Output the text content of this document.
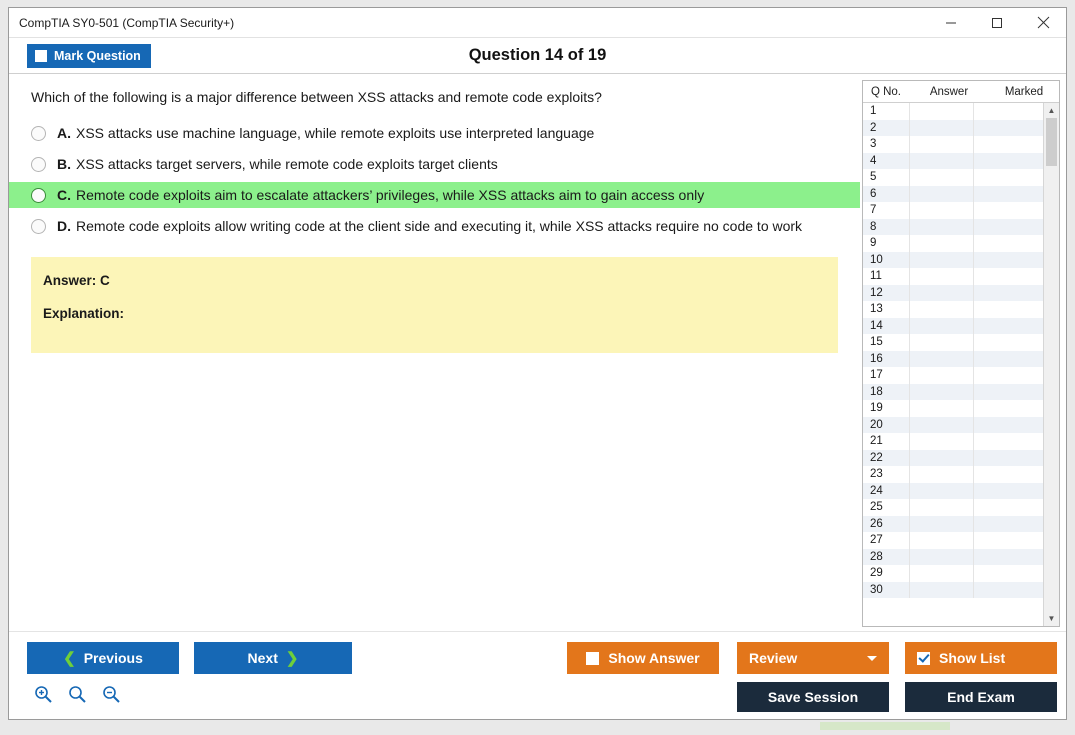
CompTIA SY0-501 (CompTIA Security+)
Mark Question	Question 14 of 19
Which of the following is a major difference between XSS attacks and remote code exploits?
A. XSS attacks use machine language, while remote exploits use interpreted language
B. XSS attacks target servers, while remote code exploits target clients
C. Remote code exploits aim to escalate attackers’ privileges, while XSS attacks aim to gain access only
D. Remote code exploits allow writing code at the client side and executing it, while XSS attacks require no code to work
Answer: C
Explanation:
Q No.	Answer	Marked
1
2
3
4
5
6
7
8
9
10
11
12
13
14
15
16
17
18
19
20
21
22
23
24
25
26
27
28
29
30
▲
▼
❮ Previous	Next ❯	Show Answer	Review	Show List
Save Session	End Exam
